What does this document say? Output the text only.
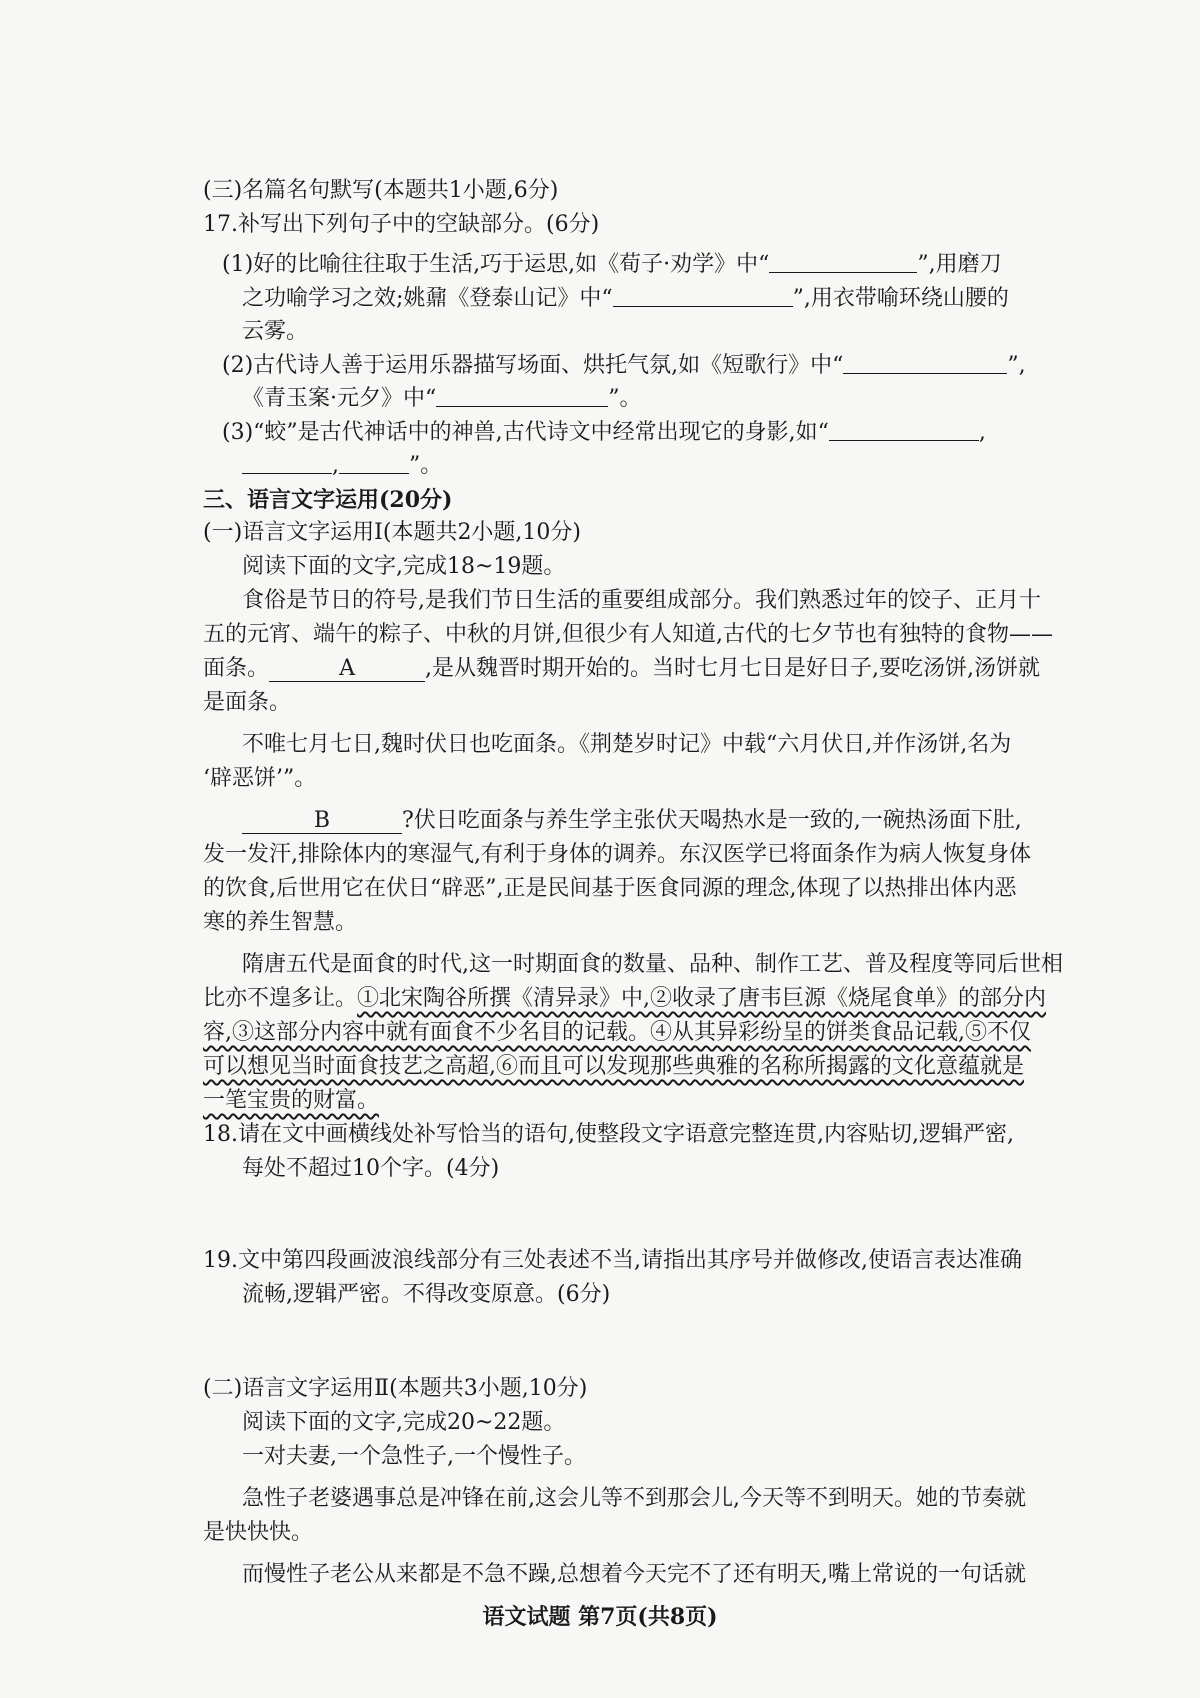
(三)名篇名句默写(本题共1小题,6分)
17.补写出下列句子中的空缺部分。(6分)
(1)好的比喻往往取于生活,巧于运思,如《荀子·劝学》中“	”,用磨刀
之功喻学习之效;姚鼐《登泰山记》中“	”,用衣带喻环绕山腰的
云雾。
(2)古代诗人善于运用乐器描写场面、烘托气氛,如《短歌行》中“	”,
《青玉案·元夕》中“	”。
(3)“蛟”是古代神话中的神兽,古代诗文中经常出现它的身影,如“	,
,	”。
三、语言文字运用(20分)
(一)语言文字运用Ⅰ(本题共2小题,10分)
阅读下面的文字,完成18~19题。
食俗是节日的符号,是我们节日生活的重要组成部分。我们熟悉过年的饺子、正月十
五的元宵、端午的粽子、中秋的月饼,但很少有人知道,古代的七夕节也有独特的食物——
面条。	A	,是从魏晋时期开始的。当时七月七日是好日子,要吃汤饼,汤饼就
是面条。
不唯七月七日,魏时伏日也吃面条。《荆楚岁时记》中载“六月伏日,并作汤饼,名为
‘辟恶饼’”。
B	?伏日吃面条与养生学主张伏天喝热水是一致的,一碗热汤面下肚,
发一发汗,排除体内的寒湿气,有利于身体的调养。东汉医学已将面条作为病人恢复身体
的饮食,后世用它在伏日“辟恶”,正是民间基于医食同源的理念,体现了以热排出体内恶
寒的养生智慧。
隋唐五代是面食的时代,这一时期面食的数量、品种、制作工艺、普及程度等同后世相
比亦不遑多让。①北宋陶谷所撰《清异录》中,②收录了唐韦巨源《烧尾食单》的部分内
容,③这部分内容中就有面食不少名目的记载。④从其异彩纷呈的饼类食品记载,⑤不仅
可以想见当时面食技艺之高超,⑥而且可以发现那些典雅的名称所揭露的文化意蕴就是
一笔宝贵的财富。
18.请在文中画横线处补写恰当的语句,使整段文字语意完整连贯,内容贴切,逻辑严密,
每处不超过10个字。(4分)
19.文中第四段画波浪线部分有三处表述不当,请指出其序号并做修改,使语言表达准确
流畅,逻辑严密。不得改变原意。(6分)
(二)语言文字运用Ⅱ(本题共3小题,10分)
阅读下面的文字,完成20~22题。
一对夫妻,一个急性子,一个慢性子。
急性子老婆遇事总是冲锋在前,这会儿等不到那会儿,今天等不到明天。她的节奏就
是快快快。
而慢性子老公从来都是不急不躁,总想着今天完不了还有明天,嘴上常说的一句话就
语文试题 第7页(共8页)
